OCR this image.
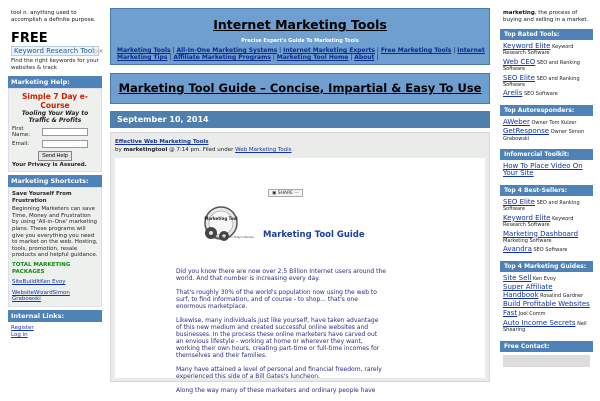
tool n. anything used to accomplish a definite purpose.
FREE
Keyword Research Tool ▷✕
Find the right keywords for your websites & track
Marketing Help:
Simple 7 Day e-Course
Tooling Your Way to Traffic & Profits
First Name:
Email:
Send Help
Your Privacy is Assured.
Marketing Shortcuts:
Save Yourself From Frustration

Beginning Marketers can save Time, Money and Frustration by using 'All-in-One' marketing plans. These programs will give you everything you need to market on the web. Hosting, tools, promotion, resale products and helpful guidance.

TOTAL MARKETING PACKAGES
SiteBuildItKen Evoy
WebsiteWizardSimon Grabowski
Internal Links:
Register
Log in
Internet Marketing Tools
Precise Expert's Guide To Marketing Tools
Marketing Tools | All-In-One Marketing Systems | Internet Marketing Experts | Free Marketing Tools | Internet Marketing Tips | Affiliate Marketing Programs | Marketing Tool Home | About |
Marketing Tool Guide – Concise, Impartial & Easy To Use
September 10, 2014
Effective Web Marketing Tools
by marketingtool @ 7:14 pm. Filed under Web Marketing Tools
▣ SHARE ⋯
Marketing Tool
Gearing Up For Today's Internet... Marketing Tool Guide

Did you know there are now over 2.5 Billion Internet users around the world. And that number is increasing every day.

That's roughly 30% of the world's population now using the web to surf, to find information, and of course - to shop... that's one enormous marketplace.

Likewise, many individuals just like yourself, have taken advantage of this new medium and created successful online websites and businesses. In the process these online marketers have carved out an envious lifestyle - working at home or wherever they want, working their own hours, creating part-time or full-time incomes for themselves and their families.

Many have attained a level of personal and financial freedom, rarely experienced this side of a Bill Gates's luncheon.

Along the way many of these marketers and ordinary people have

marketing, the process of buying and selling in a market.
Top Rated Tools:
Keyword Elite Keyword Research Software
Web CEO SEO and Ranking Software
SEO Elite SEO and Ranking Software
Arelis SEO Software
Top Autoresponders:
AWeber Owner Tom Kulzer
GetResponse Owner Simon Grabowski
Infomercial Toolkit:
How To Place Video On Your Site
Top 4 Best-Sellers:
SEO Elite SEO and Ranking Software
Keyword Elite Keyword Research Software
Marketing Dashboard Marketing Software
Avandra SEO Software
Top 4 Marketing Guides:
Site Sell Ken Evoy
Super Affiliate Handbook Rosalind Gardner
Build Profitable Websites
Fast Joel Comm
Auto Income Secrets Neil Shearing
Free Contact:
